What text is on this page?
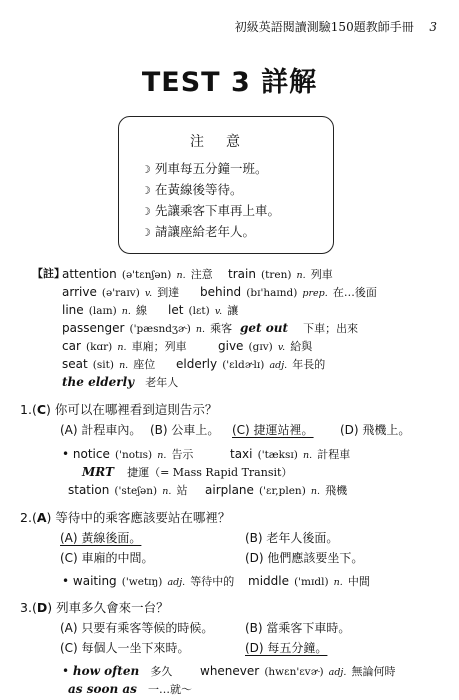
初級英語閱讀測驗150題教師手冊 3
TEST 3 詳解
注意
☽ 列車每五分鐘一班。
☽ 在黃線後等待。
☽ 先讓乘客下車再上車。
☽ 請讓座給老年人。
【註】
attention (ə'tɛnʃən) n. 注意 train (tren) n. 列車
arrive (ə'raɪv) v. 到達 behind (bɪ'haɪnd) prep. 在…後面
line (laɪn) n. 線 let (lɛt) v. 讓
passenger ('pæsndʒɚ) n. 乘客 get out 下車；出來
car (kɑr) n. 車廂；列車	give (gɪv) v. 給與
seat (sit) n. 座位 elderly ('ɛldɚlɪ) adj. 年長的
the elderly 老年人
1.(C) 你可以在哪裡看到這則告示？
(A) 計程車內。 (B) 公車上。 (C) 捷運站裡。 (D) 飛機上。
• notice ('notɪs) n. 告示	taxi ('tæksɪ) n. 計程車
MRT 捷運（= Mass Rapid Transit）
station ('steʃən) n. 站 airplane ('ɛr,plen) n. 飛機
2.(A) 等待中的乘客應該要站在哪裡？
(A) 黃線後面。	(B) 老年人後面。
(C) 車廂的中間。	(D) 他們應該要坐下。
• waiting ('wetɪŋ) adj. 等待中的 middle ('mɪdl) n. 中間
3.(D) 列車多久會來一台？
(A) 只要有乘客等候的時候。	(B) 當乘客下車時。
(C) 每個人一坐下來時。	(D) 每五分鐘。
• how often 多久 whenever (hwɛn'ɛvɚ) adj. 無論何時
as soon as 一…就～
